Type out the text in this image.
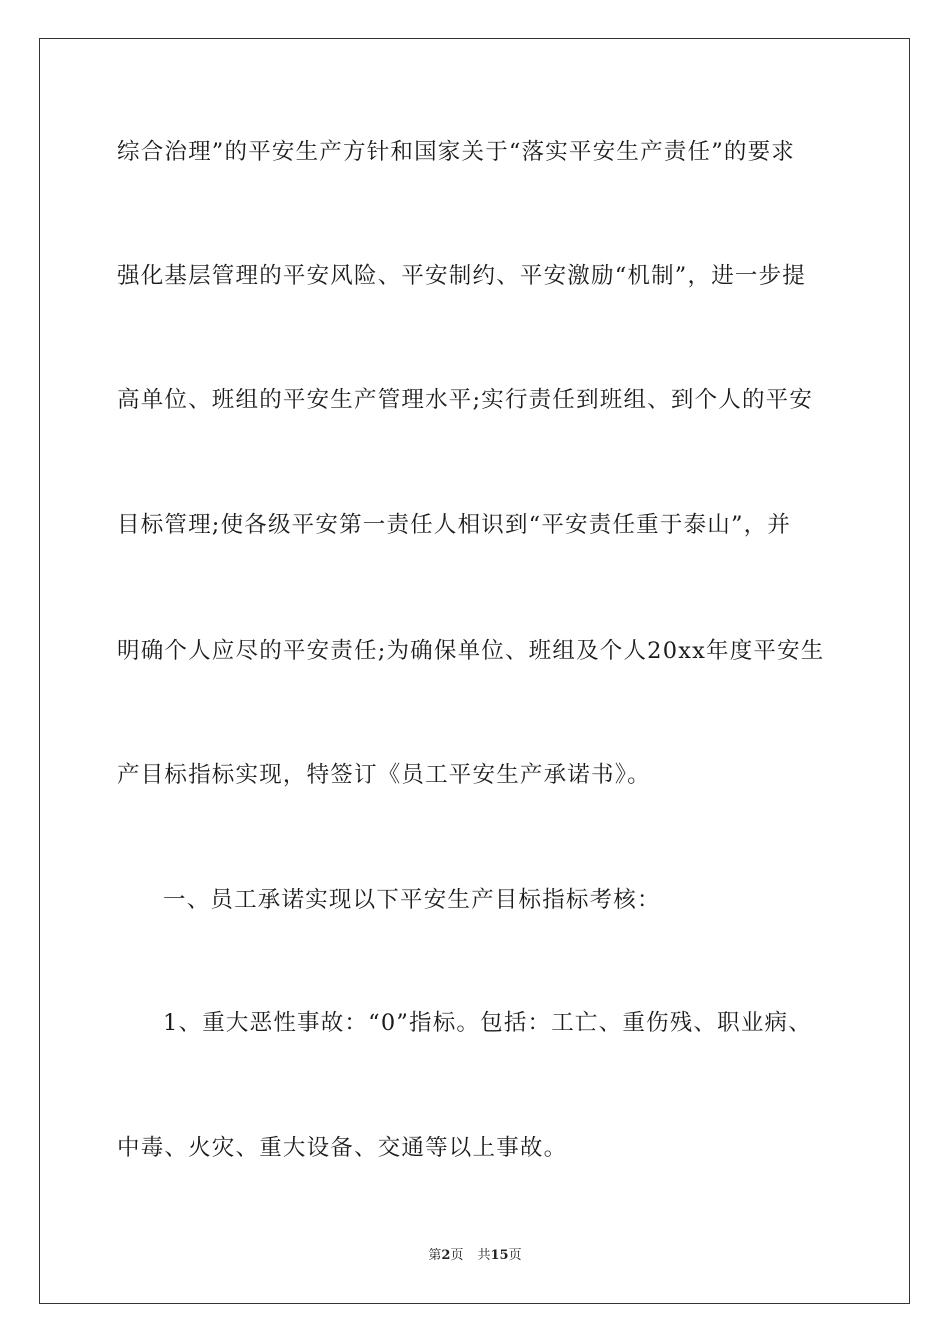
综合治理”的平安生产方针和国家关于“落实平安生产责任”的要求
强化基层管理的平安风险、平安制约、平安激励“机制”，进一步提
高单位、班组的平安生产管理水平;实行责任到班组、到个人的平安
目标管理;使各级平安第一责任人相识到“平安责任重于泰山”，并
明确个人应尽的平安责任;为确保单位、班组及个人20xx年度平安生
产目标指标实现，特签订《员工平安生产承诺书》。
一、员工承诺实现以下平安生产目标指标考核：
1、重大恶性事故：“0”指标。包括：工亡、重伤残、职业病、
中毒、火灾、重大设备、交通等以上事故。
第2页 共15页
